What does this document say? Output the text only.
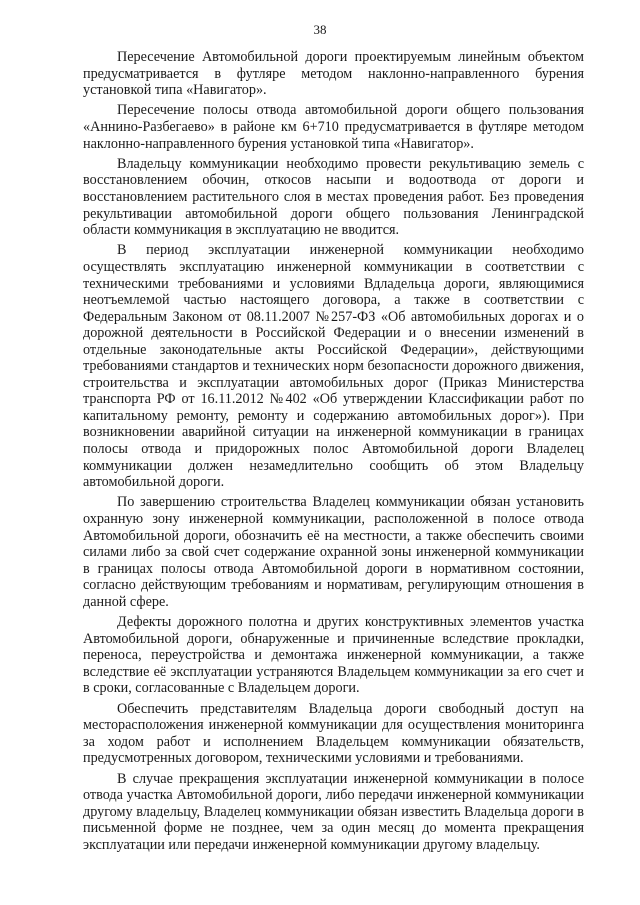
38

Пересечение Автомобильной дороги проектируемым линейным объектом предусматривается в футляре методом наклонно-направленного бурения установкой типа «Навигатор».

Пересечение полосы отвода автомобильной дороги общего пользования «Аннино-Разбегаево» в районе км 6+710 предусматривается в футляре методом наклонно-направленного бурения установкой типа «Навигатор».

Владельцу коммуникации необходимо провести рекультивацию земель с восстановлением обочин, откосов насыпи и водоотвода от дороги и восстановлением растительного слоя в местах проведения работ. Без проведения рекультивации автомобильной дороги общего пользования Ленинградской области коммуникация в эксплуатацию не вводится.

В период эксплуатации инженерной коммуникации необходимо осуществлять эксплуатацию инженерной коммуникации в соответствии с техническими требованиями и условиями Вдладельца дороги, являющимися неотъемлемой частью настоящего договора, а также в соответствии с Федеральным Законом от 08.11.2007 №257-ФЗ «Об автомобильных дорогах и о дорожной деятельности в Российской Федерации и о внесении изменений в отдельные законодательные акты Российской Федерации», действующими требованиями стандартов и технических норм безопасности дорожного движения, строительства и эксплуатации автомобильных дорог (Приказ Министерства транспорта РФ от 16.11.2012 №402 «Об утверждении Классификации работ по капитальному ремонту, ремонту и содержанию автомобильных дорог»). При возникновении аварийной ситуации на инженерной коммуникации в границах полосы отвода и придорожных полос Автомобильной дороги Владелец коммуникации должен незамедлительно сообщить об этом Владельцу автомобильной дороги.

По завершению строительства Владелец коммуникации обязан установить охранную зону инженерной коммуникации, расположенной в полосе отвода Автомобильной дороги, обозначить её на местности, а также обеспечить своими силами либо за свой счет содержание охранной зоны инженерной коммуникации в границах полосы отвода Автомобильной дороги в нормативном состоянии, согласно действующим требованиям и нормативам, регулирующим отношения в данной сфере.

Дефекты дорожного полотна и других конструктивных элементов участка Автомобильной дороги, обнаруженные и причиненные вследствие прокладки, переноса, переустройства и демонтажа инженерной коммуникации, а также вследствие её эксплуатации устраняются Владельцем коммуникации за его счет и в сроки, согласованные с Владельцем дороги.

Обеспечить представителям Владельца дороги свободный доступ на месторасположения инженерной коммуникации для осуществления мониторинга за ходом работ и исполнением Владельцем коммуникации обязательств, предусмотренных договором, техническими условиями и требованиями.

В случае прекращения эксплуатации инженерной коммуникации в полосе отвода участка Автомобильной дороги, либо передачи инженерной коммуникации другому владельцу, Владелец коммуникации обязан известить Владельца дороги в письменной форме не позднее, чем за один месяц до момента прекращения эксплуатации или передачи инженерной коммуникации другому владельцу.
